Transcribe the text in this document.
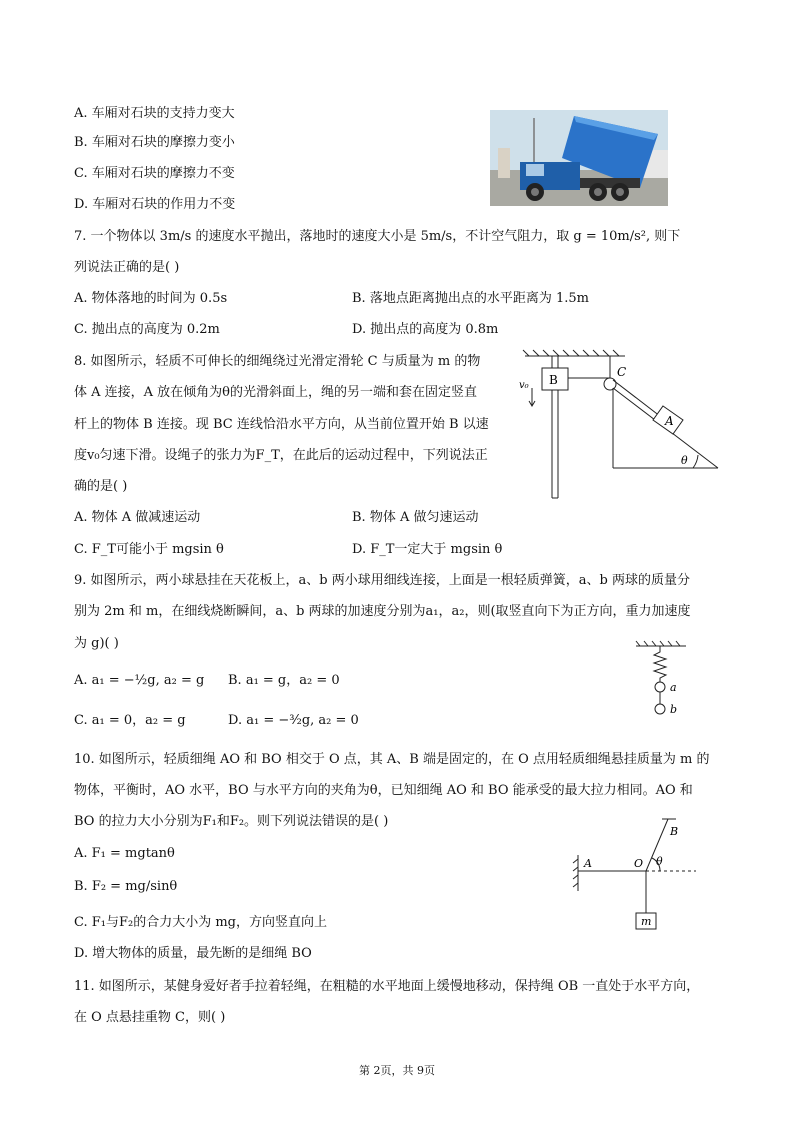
A. 车厢对石块的支持力变大
B. 车厢对石块的摩擦力变小
C. 车厢对石块的摩擦力不变
D. 车厢对石块的作用力不变
7. 一个物体以 3m/s 的速度水平抛出，落地时的速度大小是 5m/s，不计空气阻力，取 g = 10m/s², 则下
列说法正确的是( )
A. 物体落地的时间为 0.5s	B. 落地点距离抛出点的水平距离为 1.5m
C. 抛出点的高度为 0.2m	D. 抛出点的高度为 0.8m
8. 如图所示，轻质不可伸长的细绳绕过光滑定滑轮 C 与质量为 m 的物
体 A 连接，A 放在倾角为θ的光滑斜面上，绳的另一端和套在固定竖直
杆上的物体 B 连接。现 BC 连线恰沿水平方向，从当前位置开始 B 以速
度v₀匀速下滑。设绳子的张力为F_T，在此后的运动过程中，下列说法正
确的是( )
A. 物体 A 做减速运动	B. 物体 A 做匀速运动
C. F_T可能小于 mgsin θ	D. F_T一定大于 mgsin θ
B
C
A
v₀
θ
9. 如图所示，两小球悬挂在天花板上，a、b 两小球用细线连接，上面是一根轻质弹簧，a、b 两球的质量分
别为 2m 和 m，在细线烧断瞬间，a、b 两球的加速度分别为a₁，a₂，则(取竖直向下为正方向，重力加速度
为 g)( )
A. a₁ = −½g, a₂ = g B. a₁ = g，a₂ = 0
C. a₁ = 0，a₂ = g	D. a₁ = −³⁄₂g, a₂ = 0
a
b
10. 如图所示，轻质细绳 AO 和 BO 相交于 O 点，其 A、B 端是固定的，在 O 点用轻质细绳悬挂质量为 m 的
物体，平衡时，AO 水平，BO 与水平方向的夹角为θ，已知细绳 AO 和 BO 能承受的最大拉力相同。AO 和
BO 的拉力大小分别为F₁和F₂。则下列说法错误的是( )
A. F₁ = mgtanθ
B. F₂ = mg/sinθ
C. F₁与F₂的合力大小为 mg，方向竖直向上
D. 增大物体的质量，最先断的是细绳 BO
A	O
B
θ
m
11. 如图所示，某健身爱好者手拉着轻绳，在粗糙的水平地面上缓慢地移动，保持绳 OB 一直处于水平方向，
在 O 点悬挂重物 C，则( )
第 2页，共 9页
